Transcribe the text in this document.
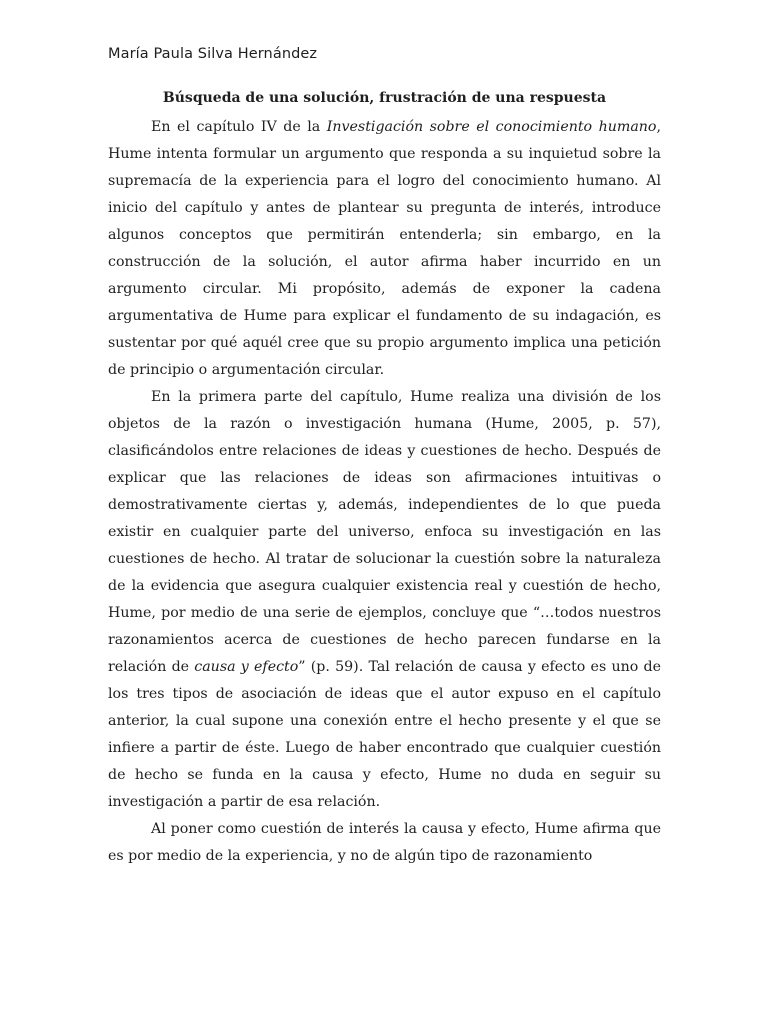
María Paula Silva Hernández
Búsqueda de una solución, frustración de una respuesta

En el capítulo IV de la Investigación sobre el conocimiento humano, Hume intenta formular un argumento que responda a su inquietud sobre la supremacía de la experiencia para el logro del conocimiento humano. Al inicio del capítulo y antes de plantear su pregunta de interés, introduce algunos conceptos que permitirán entenderla; sin embargo, en la construcción de la solución, el autor afirma haber incurrido en un argumento circular. Mi propósito, además de exponer la cadena argumentativa de Hume para explicar el fundamento de su indagación, es sustentar por qué aquél cree que su propio argumento implica una petición de principio o argumentación circular.

En la primera parte del capítulo, Hume realiza una división de los objetos de la razón o investigación humana (Hume, 2005, p. 57), clasificándolos entre relaciones de ideas y cuestiones de hecho. Después de explicar que las relaciones de ideas son afirmaciones intuitivas o demostrativamente ciertas y, además, independientes de lo que pueda existir en cualquier parte del universo, enfoca su investigación en las cuestiones de hecho. Al tratar de solucionar la cuestión sobre la naturaleza de la evidencia que asegura cualquier existencia real y cuestión de hecho, Hume, por medio de una serie de ejemplos, concluye que “…todos nuestros razonamientos acerca de cuestiones de hecho parecen fundarse en la relación de causa y efecto” (p. 59). Tal relación de causa y efecto es uno de los tres tipos de asociación de ideas que el autor expuso en el capítulo anterior, la cual supone una conexión entre el hecho presente y el que se infiere a partir de éste. Luego de haber encontrado que cualquier cuestión de hecho se funda en la causa y efecto, Hume no duda en seguir su investigación a partir de esa relación.

Al poner como cuestión de interés la causa y efecto, Hume afirma que es por medio de la experiencia, y no de algún tipo de razonamiento
